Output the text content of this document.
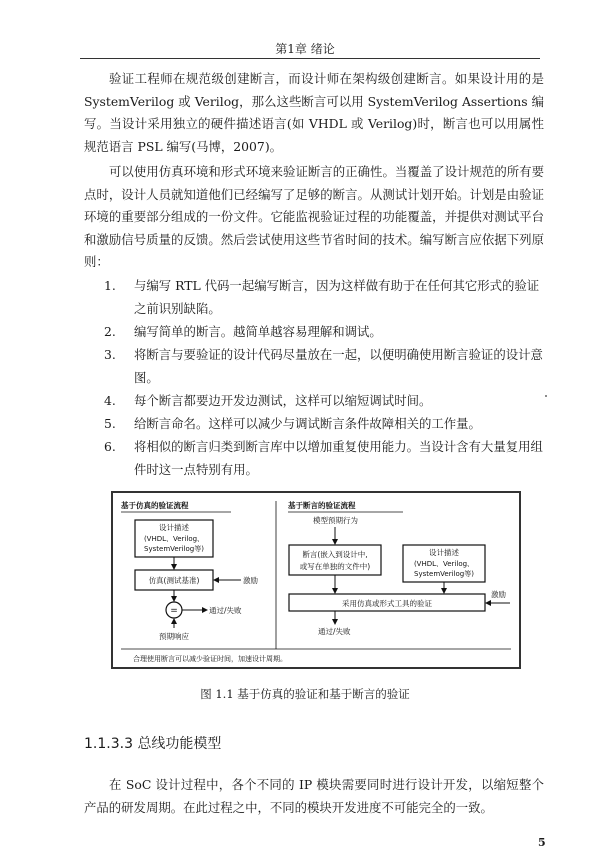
第1章 绪论

验证工程师在规范级创建断言，而设计师在架构级创建断言。如果设计用的是 SystemVerilog 或 Verilog，那么这些断言可以用 SystemVerilog Assertions 编写。当设计采用独立的硬件描述语言(如 VHDL 或 Verilog)时，断言也可以用属性规范语言 PSL 编写(马博，2007)。

可以使用仿真环境和形式环境来验证断言的正确性。当覆盖了设计规范的所有要点时，设计人员就知道他们已经编写了足够的断言。从测试计划开始。计划是由验证环境的重要部分组成的一份文件。它能监视验证过程的功能覆盖，并提供对测试平台和激励信号质量的反馈。然后尝试使用这些节省时间的技术。编写断言应依据下列原则：

1. 与编写 RTL 代码一起编写断言，因为这样做有助于在任何其它形式的验证之前识别缺陷。
2. 编写简单的断言。越简单越容易理解和调试。
3. 将断言与要验证的设计代码尽量放在一起，以便明确使用断言验证的设计意图。
4. 每个断言都要边开发边测试，这样可以缩短调试时间。
5. 给断言命名。这样可以减少与调试断言条件故障相关的工作量。
6. 将相似的断言归类到断言库中以增加重复使用能力。当设计含有大量复用组件时这一点特别有用。
基于仿真的验证流程
设计描述
(VHDL、Verilog、
SystemVerilog等)
仿真(测试基准)	激励
=	通过/失败
预期响应
基于断言的验证流程
模型预期行为
断言(嵌入到设计中,
或写在单独的文件中)
设计描述
(VHDL、Verilog、
SystemVerilog等)
采用仿真或形式工具的验证
激励
通过/失败
合理使用断言可以减少验证时间，加速设计周期。
图 1.1 基于仿真的验证和基于断言的验证
1.1.3.3 总线功能模型

在 SoC 设计过程中，各个不同的 IP 模块需要同时进行设计开发，以缩短整个产品的研发周期。在此过程之中，不同的模块开发进度不可能完全的一致。

5
